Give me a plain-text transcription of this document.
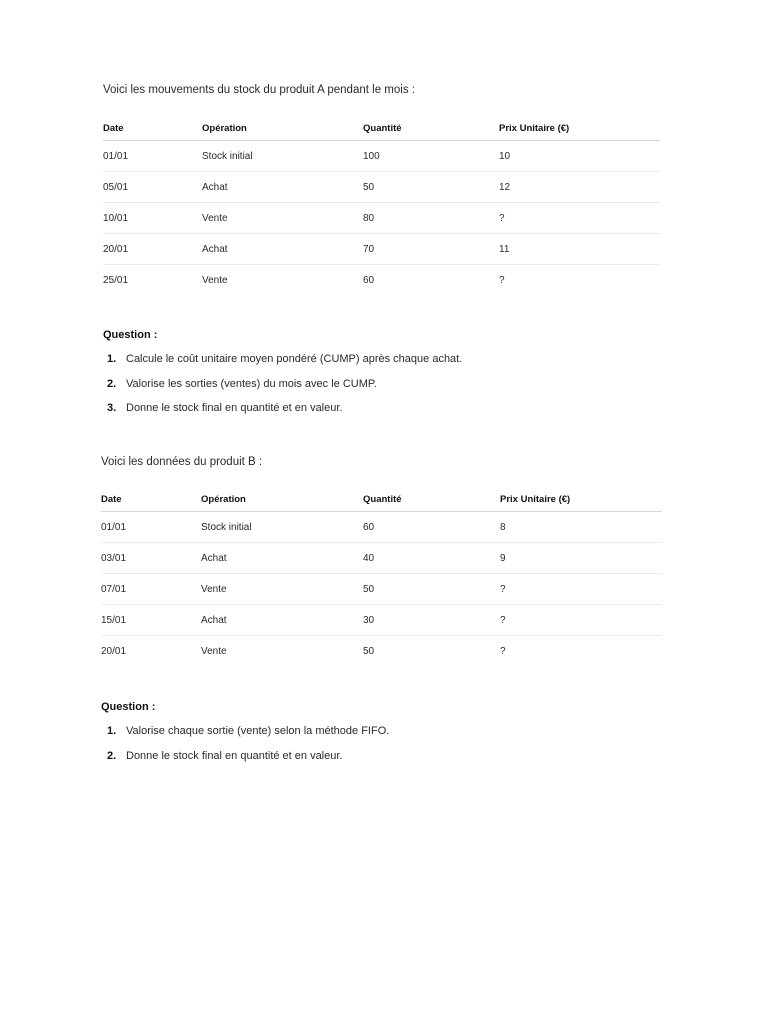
Voici les mouvements du stock du produit A pendant le mois :
Date	Opération	Quantité	Prix Unitaire (€)
01/01	Stock initial	100	10
05/01	Achat	50	12
10/01	Vente	80	?
20/01	Achat	70	11
25/01	Vente	60	?
Question :
1. Calcule le coût unitaire moyen pondéré (CUMP) après chaque achat.
2. Valorise les sorties (ventes) du mois avec le CUMP.
3. Donne le stock final en quantité et en valeur.
Voici les données du produit B :
Date	Opération	Quantité	Prix Unitaire (€)
01/01	Stock initial	60	8
03/01	Achat	40	9
07/01	Vente	50	?
15/01	Achat	30	?
20/01	Vente	50	?
Question :
1. Valorise chaque sortie (vente) selon la méthode FIFO.
2. Donne le stock final en quantité et en valeur.
